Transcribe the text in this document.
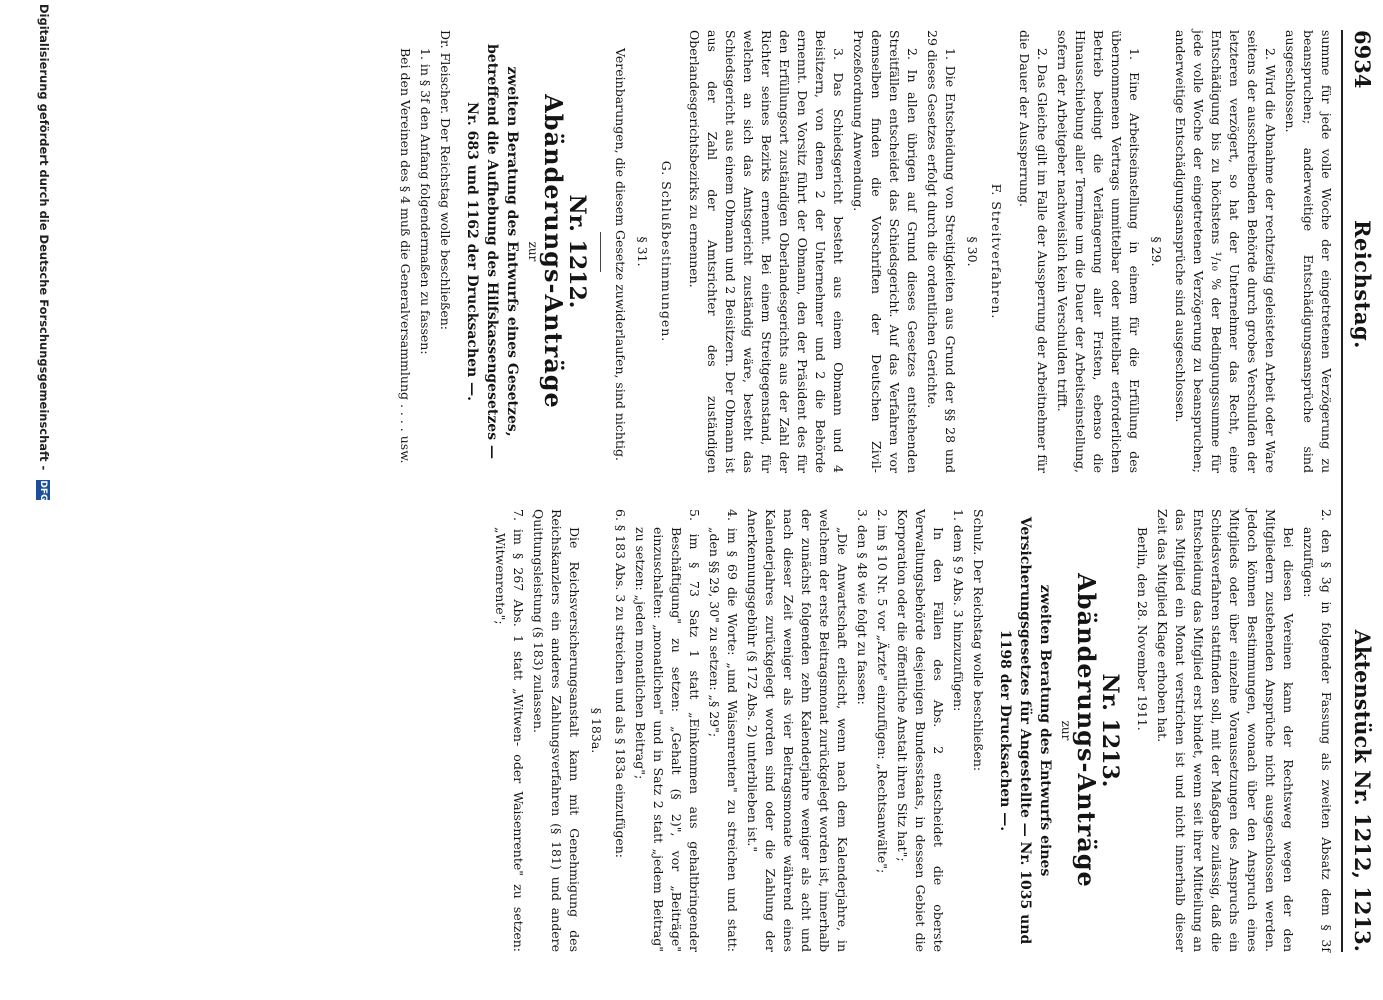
6934
Reichstag.
Aktenstück Nr. 1212, 1213.

summe für jede volle Woche der eingetretenen Verzögerung zu beanspruchen; anderweitige Entschädigungsansprüche sind ausgeschlossen.

2. Wird die Abnahme der rechtzeitig geleisteten Arbeit oder Ware seitens der ausschreibenden Behörde durch grobes Verschulden der letzteren verzögert, so hat der Unternehmer das Recht, eine Entschädigung bis zu höchstens ¹/₁₀ % der Bedingungssumme für jede volle Woche der eingetretenen Verzögerung zu beanspruchen; anderweitige Entschädigungsansprüche sind ausgeschlossen.

§ 29.

1. Eine Arbeitseinstellung in einem für die Erfüllung des übernommenen Vertrags unmittelbar oder mittelbar erforderlichen Betrieb bedingt die Verlängerung aller Fristen, ebenso die Hinausschiebung aller Termine um die Dauer der Arbeitseinstellung, sofern der Arbeitgeber nachweislich kein Verschulden trifft.

2. Das Gleiche gilt im Falle der Aussperrung der Arbeitnehmer für die Dauer der Aussperrung.

F. Streitverfahren.
§ 30.

1. Die Entscheidung von Streitigkeiten aus Grund der §§ 28 und 29 dieses Gesetzes erfolgt durch die ordentlichen Gerichte.

2. In allen übrigen auf Grund dieses Gesetzes entstehenden Streitfällen entscheidet das Schiedsgericht. Auf das Verfahren vor demselben finden die Vorschriften der Deutschen Zivil-Prozeßordnung Anwendung.

3. Das Schiedsgericht besteht aus einem Obmann und 4 Beisitzern, von denen 2 der Unternehmer und 2 die Behörde ernennt. Den Vorsitz führt der Obmann, den der Präsident des für den Erfüllungsort zuständigen Oberlandesgerichts aus der Zahl der Richter seines Bezirks ernennt. Bei einem Streitgegenstand, für welchen an sich das Amtsgericht zuständig wäre, besteht das Schiedsgericht aus einem Obmann und 2 Beisitzern. Der Obmann ist aus der Zahl der Amtsrichter des zuständigen Oberlandesgerichtsbezirks zu ernennen.

G. Schlußbestimmungen.
§ 31.

Vereinbarungen, die diesem Gesetze zuwiderlaufen, sind nichtig.

Nr. 1212.
Abänderungs-Anträge
zur
zweiten Beratung des Entwurfs eines Gesetzes, betreffend die Aufhebung des Hilfskassengesetzes — Nr. 683 und 1162 der Drucksachen —.

Dr. Fleischer. Der Reichstag wolle beschließen:

1. in § 3f den Anfang folgendermaßen zu fassen:

Bei den Vereinen des § 4 muß die Generalversammlung . . . . usw.

2. den § 3g in folgender Fassung als zweiten Absatz dem § 3f anzufügen:

Bei diesen Vereinen kann der Rechtsweg wegen der den Mitgliedern zustehenden Ansprüche nicht ausgeschlossen werden. Jedoch können Bestimmungen, wonach über den Anspruch eines Mitglieds oder über einzelne Voraussetzungen des Anspruchs ein Schiedsverfahren stattfinden soll, mit der Maßgabe zulässig, daß die Entscheidung das Mitglied erst bindet, wenn seit ihrer Mitteilung an das Mitglied ein Monat verstrichen ist und nicht innerhalb dieser Zeit das Mitglied Klage erhoben hat.

Berlin, den 28. November 1911.

Nr. 1213.
Abänderungs-Anträge
zur
zweiten Beratung des Entwurfs eines Versicherungsgesetzes für Angestellte — Nr. 1035 und 1198 der Drucksachen —.

Schulz. Der Reichstag wolle beschließen:

1. dem § 9 Abs. 3 hinzuzufügen:

In den Fällen des Abs. 2 entscheidet die oberste Verwaltungsbehörde desjenigen Bundesstaats, in dessen Gebiet die Korporation oder die öffentliche Anstalt ihren Sitz hat";

2. im § 10 Nr. 5 vor „Ärzte" einzufügen: „Rechtsanwälte";

3. den § 48 wie folgt zu fassen:

„Die Anwartschaft erlischt, wenn nach dem Kalenderjahre, in welchem der erste Beitragsmonat zurückgelegt worden ist, innerhalb der zunächst folgenden zehn Kalenderjahre weniger als acht und nach dieser Zeit weniger als vier Beitragsmonate während eines Kalenderjahres zurückgelegt worden sind oder die Zahlung der Anerkennungsgebühr (§ 172 Abs. 2) unterblieben ist."

4. im § 69 die Worte: „und Waisenrenten" zu streichen und statt: „den §§ 29, 30" zu setzen: „§ 29";

5. im § 73 Satz 1 statt „Einkommen aus gehaltbringender Beschäftigung" zu setzen: „Gehalt (§ 2)", vor „Beiträge" einzuschalten: „monatlichen" und in Satz 2 statt „jedem Beitrag" zu setzen: „jeden monatlichen Beitrag";

6. § 183 Abs. 3 zu streichen und als § 183a einzufügen:

§ 183a.

Die Reichsversicherungsanstalt kann mit Genehmigung des Reichskanzlers ein anderes Zahlungsverfahren (§ 181) und andere Quittungsleistung (§ 183) zulassen.

7. im § 267 Abs. 1 statt „Witwen- oder Waisenrente" zu setzen: „Witwenrente";

Digitalisierung gefördert durch die Deutsche Forschungsgemeinschaft - DFG
